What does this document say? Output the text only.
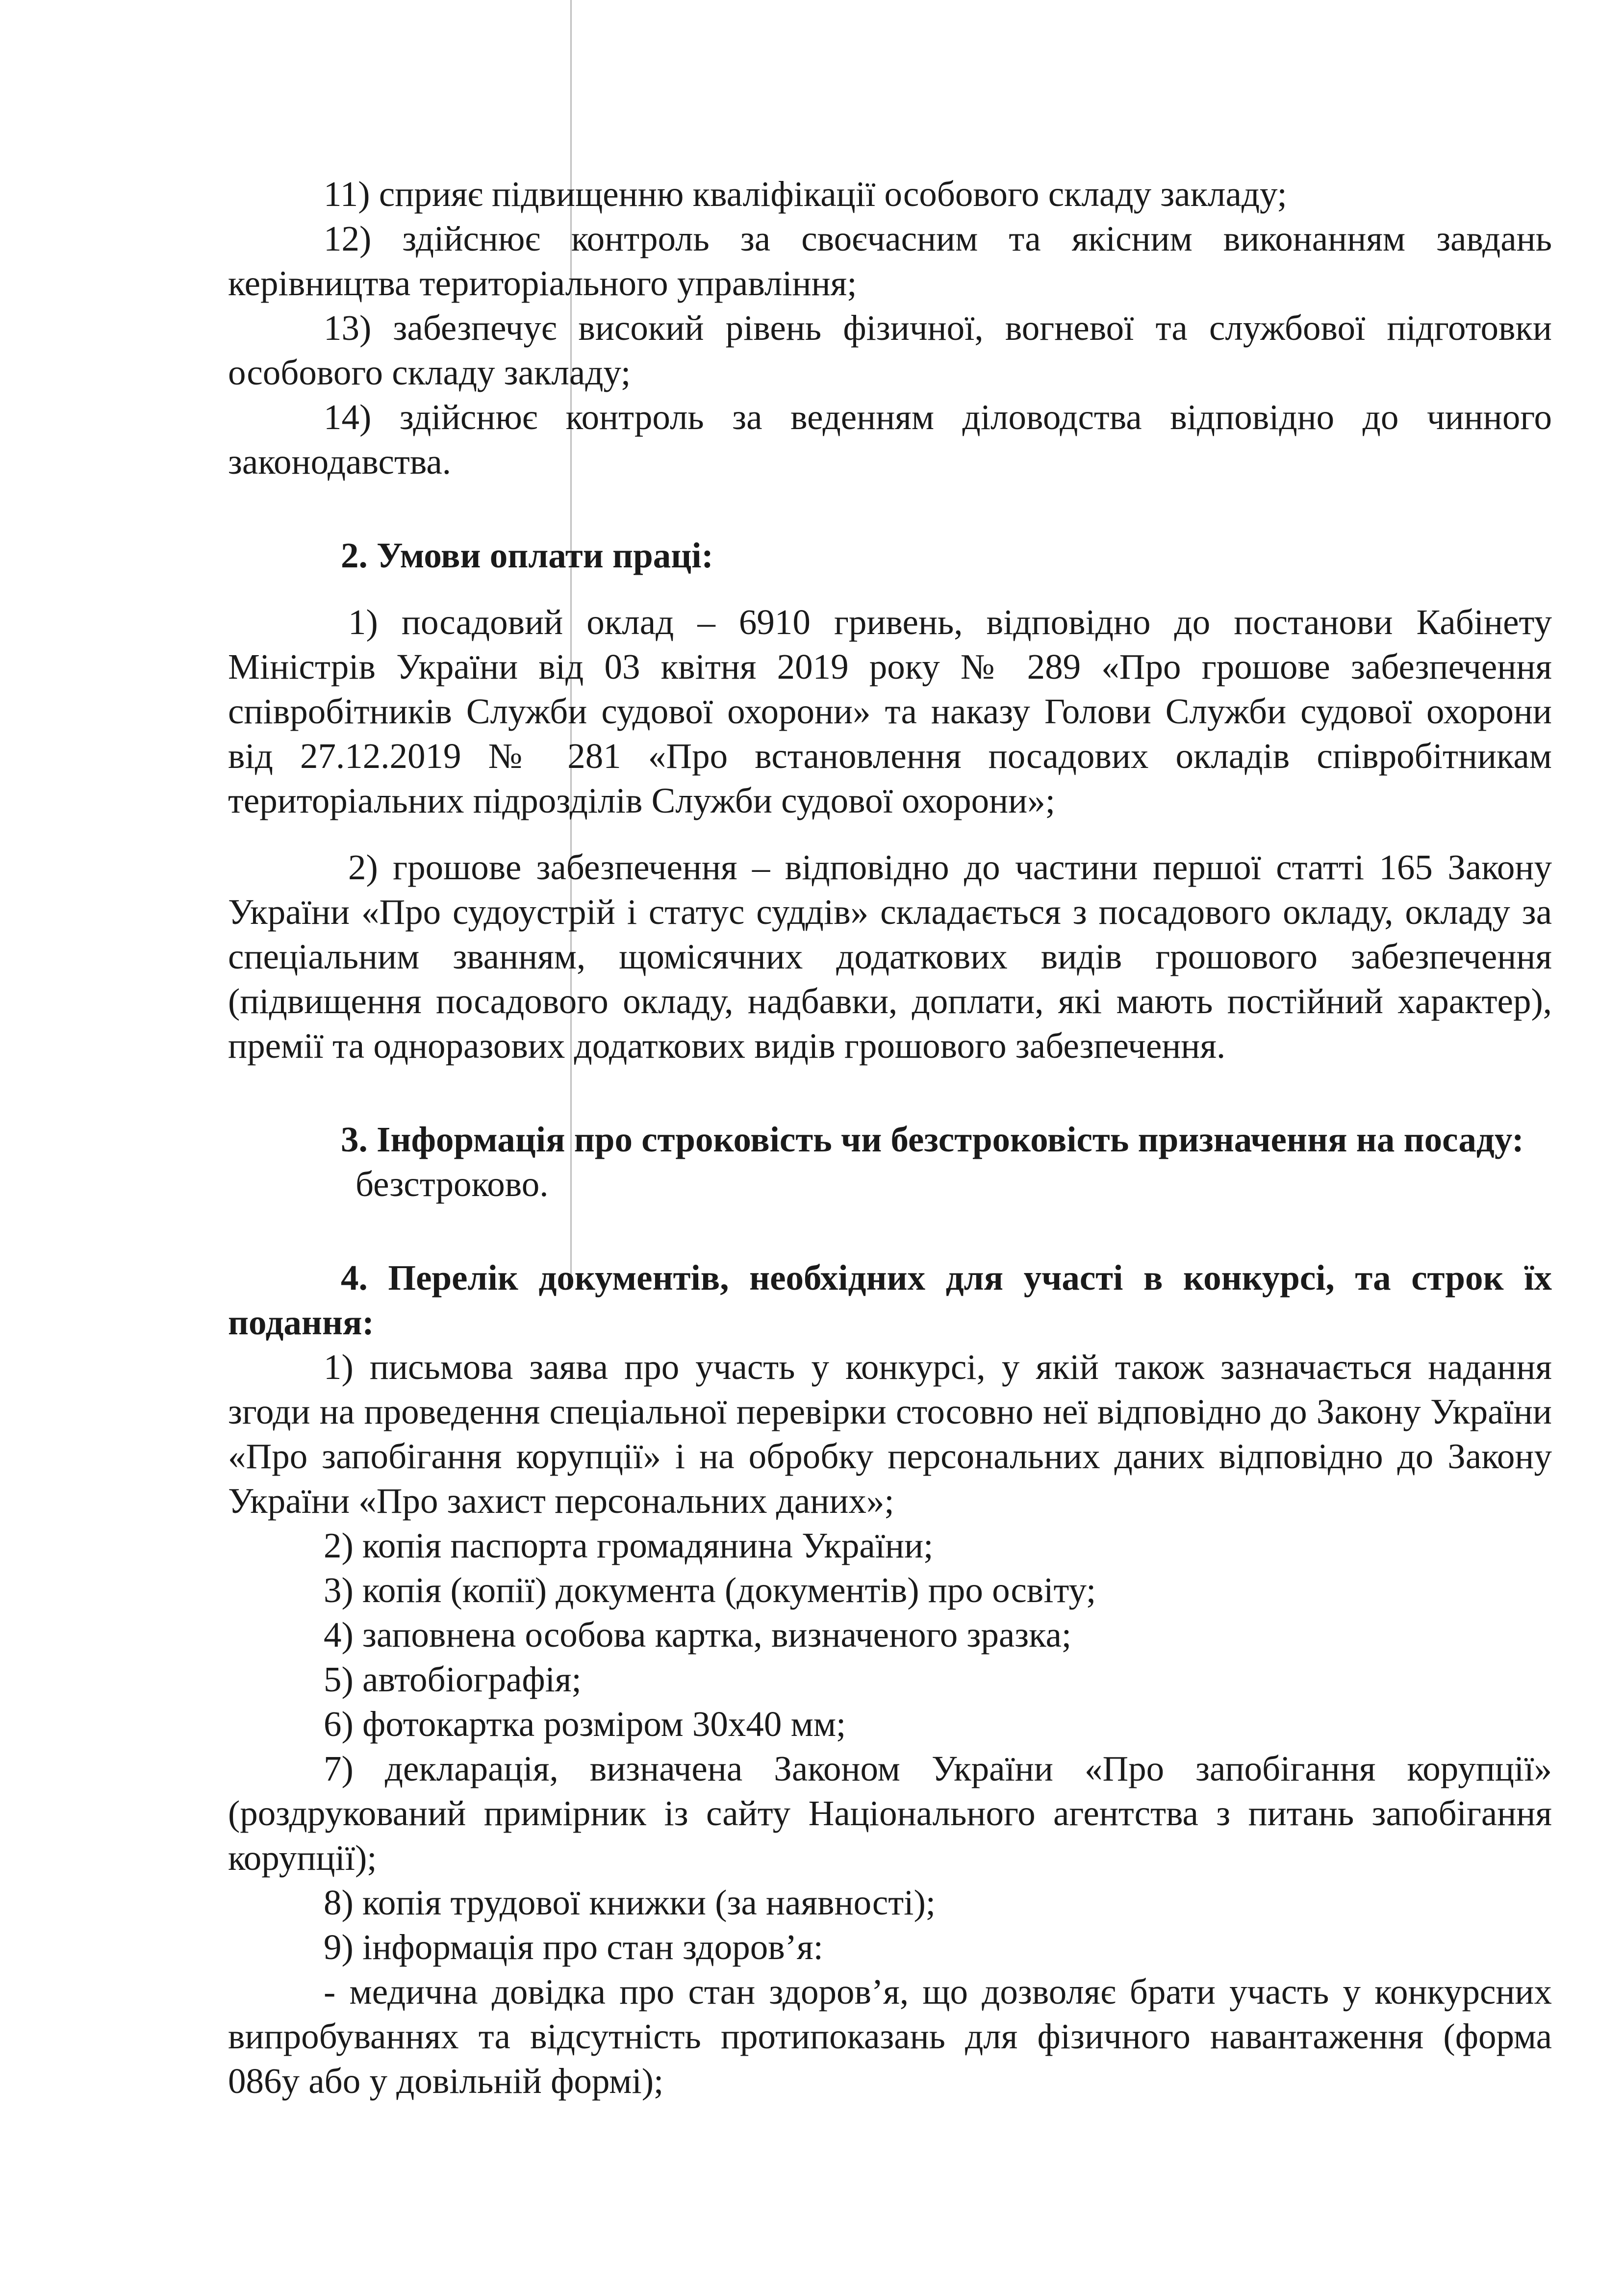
11) сприяє підвищенню кваліфікації особового складу закладу;

12) здійснює контроль за своєчасним та якісним виконанням завдань керівництва територіального управління;

13) забезпечує високий рівень фізичної, вогневої та службової підготовки особового складу закладу;

14) здійснює контроль за веденням діловодства відповідно до чинного законодавства.

2. Умови оплати праці:

1) посадовий оклад – 6910 гривень, відповідно до постанови Кабінету Міністрів України від 03 квітня 2019 року № 289 «Про грошове забезпечення співробітників Служби судової охорони» та наказу Голови Служби судової охорони від 27.12.2019 № 281 «Про встановлення посадових окладів співробітникам територіальних підрозділів Служби судової охорони»;

2) грошове забезпечення – відповідно до частини першої статті 165 Закону України «Про судоустрій і статус суддів» складається з посадового окладу, окладу за спеціальним званням, щомісячних додаткових видів грошового забезпечення (підвищення посадового окладу, надбавки, доплати, які мають постійний характер), премії та одноразових додаткових видів грошового забезпечення.

3. Інформація про строковість чи безстроковість призначення на посаду:

безстроково.

4. Перелік документів, необхідних для участі в конкурсі, та строк їх подання:

1) письмова заява про участь у конкурсі, у якій також зазначається надання згоди на проведення спеціальної перевірки стосовно неї відповідно до Закону України «Про запобігання корупції» і на обробку персональних даних відповідно до Закону України «Про захист персональних даних»;

2) копія паспорта громадянина України;

3) копія (копії) документа (документів) про освіту;

4) заповнена особова картка, визначеного зразка;

5) автобіографія;

6) фотокартка розміром 30х40 мм;

7) декларація, визначена Законом України «Про запобігання корупції» (роздрукований примірник із сайту Національного агентства з питань запобігання корупції);

8) копія трудової книжки (за наявності);

9) інформація про стан здоров’я:

- медична довідка про стан здоров’я, що дозволяє брати участь у конкурсних випробуваннях та відсутність протипоказань для фізичного навантаження (форма 086у або у довільній формі);
